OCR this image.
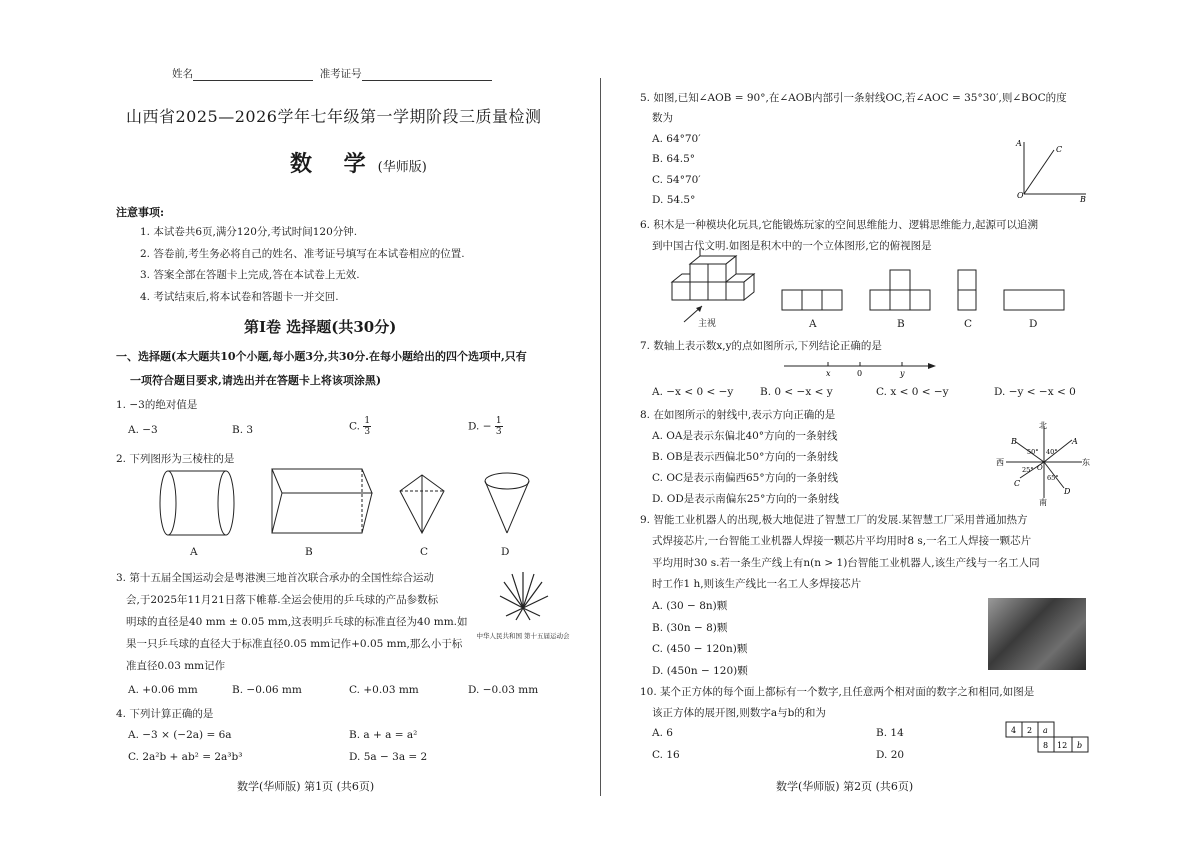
姓名	准考证号
山西省2025—2026学年七年级第一学期阶段三质量检测
数 学(华师版)
注意事项:
1. 本试卷共6页,满分120分,考试时间120分钟.
2. 答卷前,考生务必将自己的姓名、准考证号填写在本试卷相应的位置.
3. 答案全部在答题卡上完成,答在本试卷上无效.
4. 考试结束后,将本试卷和答题卡一并交回.
第Ⅰ卷 选择题(共30分)
一、选择题(本大题共10个小题,每小题3分,共30分.在每小题给出的四个选项中,只有
一项符合题目要求,请选出并在答题卡上将该项涂黑)
1. −3的绝对值是
A. −3	B. 3	C. $\frac{1}{3}$	D. − $\frac{1}{3}$
2. 下列图形为三棱柱的是
A	B	C	D
3. 第十五届全国运动会是粤港澳三地首次联合承办的全国性综合运动
会,于2025年11月21日落下帷幕.全运会使用的乒乓球的产品参数标
明球的直径是40 mm ± 0.05 mm,这表明乒乓球的标准直径为40 mm.如
果一只乒乓球的直径大于标准直径0.05 mm记作+0.05 mm,那么小于标
准直径0.03 mm记作
中华人民共和国 第十五届运动会
A. +0.06 mm	B. −0.06 mm	C. +0.03 mm	D. −0.03 mm
4. 下列计算正确的是
A. −3 × (−2a) = 6a	B. a + a = a²
C. 2a²b + ab² = 2a³b³	D. 5a − 3a = 2
数学(华师版) 第1页 (共6页)
5. 如图,已知∠AOB = 90°,在∠AOB内部引一条射线OC,若∠AOC = 35°30′,则∠BOC的度
数为
A. 64°70′
B. 64.5°
C. 54°70′
D. 54.5°
A
C
O	B
6. 积木是一种模块化玩具,它能锻炼玩家的空间思维能力、逻辑思维能力,起源可以追溯
到中国古代文明.如图是积木中的一个立体图形,它的俯视图是
主视	A	B	C	D
7. 数轴上表示数x,y的点如图所示,下列结论正确的是
x	0	y
A. −x < 0 < −y	B. 0 < −x < y	C. x < 0 < −y	D. −y < −x < 0
8. 在如图所示的射线中,表示方向正确的是
A. OA是表示东偏北40°方向的一条射线
B. OB是表示西偏北50°方向的一条射线
C. OC是表示南偏西65°方向的一条射线
D. OD是表示南偏东25°方向的一条射线
北
南
东
西
A
B
C
D
O
40°
50°
25°
65°
9. 智能工业机器人的出现,极大地促进了智慧工厂的发展.某智慧工厂采用普通加热方
式焊接芯片,一台智能工业机器人焊接一颗芯片平均用时8 s,一名工人焊接一颗芯片
平均用时30 s.若一条生产线上有n(n > 1)台智能工业机器人,该生产线与一名工人同
时工作1 h,则该生产线比一名工人多焊接芯片
A. (30 − 8n)颗
B. (30n − 8)颗
C. (450 − 120n)颗
D. (450n − 120)颗
10. 某个正方体的每个面上都标有一个数字,且任意两个相对面的数字之和相同,如图是
该正方体的展开图,则数字a与b的和为
A. 6	B. 14
C. 16	D. 20
4 2 a
8 12 b
数学(华师版) 第2页 (共6页)
